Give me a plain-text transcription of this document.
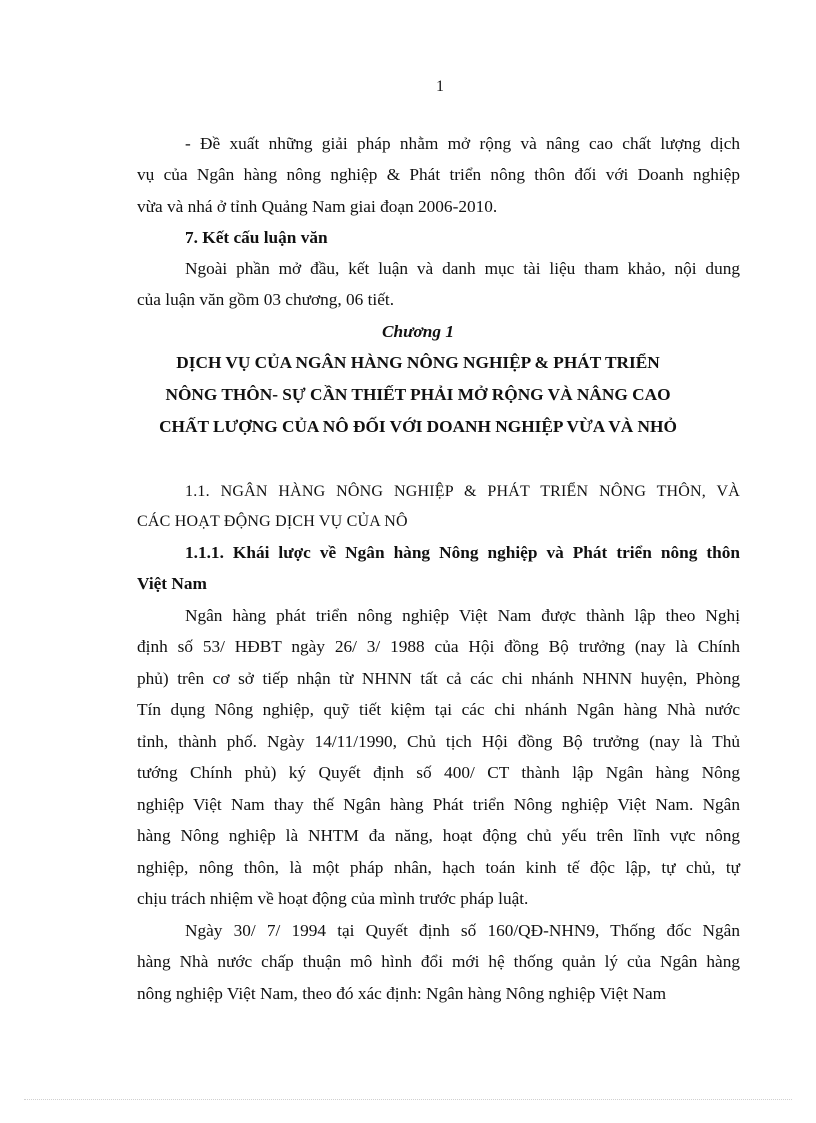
1
- Đề xuất những giải pháp nhằm mở rộng và nâng cao chất lượng dịch
vụ của Ngân hàng nông nghiệp & Phát triển nông thôn đối với Doanh nghiệp
vừa và nhá ở tỉnh Quảng Nam giai đoạn 2006-2010.
7. Kết cấu luận văn
Ngoài phần mở đầu, kết luận và danh mục tài liệu tham khảo, nội dung
của luận văn gồm 03 chương, 06 tiết.
Chương 1
DỊCH VỤ CỦA NGÂN HÀNG NÔNG NGHIỆP & PHÁT TRIỂN
NÔNG THÔN- SỰ CẦN THIẾT PHẢI MỞ RỘNG VÀ NÂNG CAO
CHẤT LƯỢNG CỦA NÔ ĐỐI VỚI DOANH NGHIỆP VỪA VÀ NHỎ
1.1. NGÂN HÀNG NÔNG NGHIỆP & PHÁT TRIỂN NÔNG THÔN, VÀ
CÁC HOẠT ĐỘNG DỊCH VỤ CỦA NÔ
1.1.1. Khái lược về Ngân hàng Nông nghiệp và Phát triển nông thôn
Việt Nam
Ngân hàng phát triển nông nghiệp Việt Nam được thành lập theo Nghị
định số 53/ HĐBT ngày 26/ 3/ 1988 của Hội đồng Bộ trưởng (nay là Chính
phủ) trên cơ sở tiếp nhận từ NHNN tất cả các chi nhánh NHNN huyện, Phòng
Tín dụng Nông nghiệp, quỹ tiết kiệm tại các chi nhánh Ngân hàng Nhà nước
tỉnh, thành phố. Ngày 14/11/1990, Chủ tịch Hội đồng Bộ trưởng (nay là Thủ
tướng Chính phủ) ký Quyết định số 400/ CT thành lập Ngân hàng Nông
nghiệp Việt Nam thay thế Ngân hàng Phát triển Nông nghiệp Việt Nam. Ngân
hàng Nông nghiệp là NHTM đa năng, hoạt động chủ yếu trên lĩnh vực nông
nghiệp, nông thôn, là một pháp nhân, hạch toán kinh tế độc lập, tự chủ, tự
chịu trách nhiệm về hoạt động của mình trước pháp luật.
Ngày 30/ 7/ 1994 tại Quyết định số 160/QĐ-NHN9, Thống đốc Ngân
hàng Nhà nước chấp thuận mô hình đổi mới hệ thống quản lý của Ngân hàng
nông nghiệp Việt Nam, theo đó xác định: Ngân hàng Nông nghiệp Việt Nam
